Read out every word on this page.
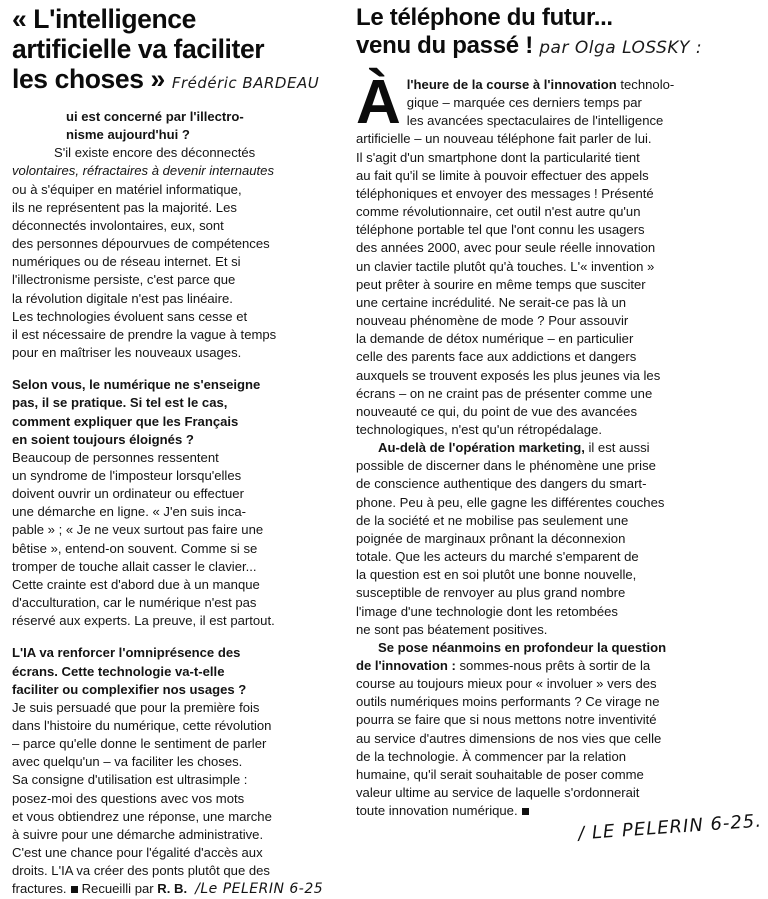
« L'intelligence
artificielle va faciliter
les choses » Frédéric BARDEAU
ui est concerné par l'illectro-
nisme aujourd'hui ?
S'il existe encore des déconnectés
volontaires, réfractaires à devenir internautes
ou à s'équiper en matériel informatique,
ils ne représentent pas la majorité. Les
déconnectés involontaires, eux, sont
des personnes dépourvues de compétences
numériques ou de réseau internet. Et si
l'illectronisme persiste, c'est parce que
la révolution digitale n'est pas linéaire.
Les technologies évoluent sans cesse et
il est nécessaire de prendre la vague à temps
pour en maîtriser les nouveaux usages.
Selon vous, le numérique ne s'enseigne
pas, il se pratique. Si tel est le cas,
comment expliquer que les Français
en soient toujours éloignés ?
Beaucoup de personnes ressentent
un syndrome de l'imposteur lorsqu'elles
doivent ouvrir un ordinateur ou effectuer
une démarche en ligne. « J'en suis inca-
pable » ; « Je ne veux surtout pas faire une
bêtise », entend-on souvent. Comme si se
tromper de touche allait casser le clavier...
Cette crainte est d'abord due à un manque
d'acculturation, car le numérique n'est pas
réservé aux experts. La preuve, il est partout.
L'IA va renforcer l'omniprésence des
écrans. Cette technologie va-t-elle
faciliter ou complexifier nos usages ?
Je suis persuadé que pour la première fois
dans l'histoire du numérique, cette révolution
– parce qu'elle donne le sentiment de parler
avec quelqu'un – va faciliter les choses.
Sa consigne d'utilisation est ultrasimple :
posez-moi des questions avec vos mots
et vous obtiendrez une réponse, une marche
à suivre pour une démarche administrative.
C'est une chance pour l'égalité d'accès aux
droits. L'IA va créer des ponts plutôt que des
fractures. Recueilli par R. B. /Le PELERIN 6-25
Le téléphone du futur...
venu du passé ! par Olga LOSSKY :
À l'heure de la course à l'innovation technolo-
gique – marquée ces derniers temps par
les avancées spectaculaires de l'intelligence
artificielle – un nouveau téléphone fait parler de lui.
Il s'agit d'un smartphone dont la particularité tient
au fait qu'il se limite à pouvoir effectuer des appels
téléphoniques et envoyer des messages ! Présenté
comme révolutionnaire, cet outil n'est autre qu'un
téléphone portable tel que l'ont connu les usagers
des années 2000, avec pour seule réelle innovation
un clavier tactile plutôt qu'à touches. L'« invention »
peut prêter à sourire en même temps que susciter
une certaine incrédulité. Ne serait-ce pas là un
nouveau phénomène de mode ? Pour assouvir
la demande de détox numérique – en particulier
celle des parents face aux addictions et dangers
auxquels se trouvent exposés les plus jeunes via les
écrans – on ne craint pas de présenter comme une
nouveauté ce qui, du point de vue des avancées
technologiques, n'est qu'un rétropédalage.
Au-delà de l'opération marketing, il est aussi
possible de discerner dans le phénomène une prise
de conscience authentique des dangers du smart-
phone. Peu à peu, elle gagne les différentes couches
de la société et ne mobilise pas seulement une
poignée de marginaux prônant la déconnexion
totale. Que les acteurs du marché s'emparent de
la question est en soi plutôt une bonne nouvelle,
susceptible de renvoyer au plus grand nombre
l'image d'une technologie dont les retombées
ne sont pas béatement positives.
Se pose néanmoins en profondeur la question
de l'innovation : sommes-nous prêts à sortir de la
course au toujours mieux pour « involuer » vers des
outils numériques moins performants ? Ce virage ne
pourra se faire que si nous mettons notre inventivité
au service d'autres dimensions de nos vies que celle
de la technologie. À commencer par la relation
humaine, qu'il serait souhaitable de poser comme
valeur ultime au service de laquelle s'ordonnerait
toute innovation numérique.	/ LE PELERIN 6-25.
